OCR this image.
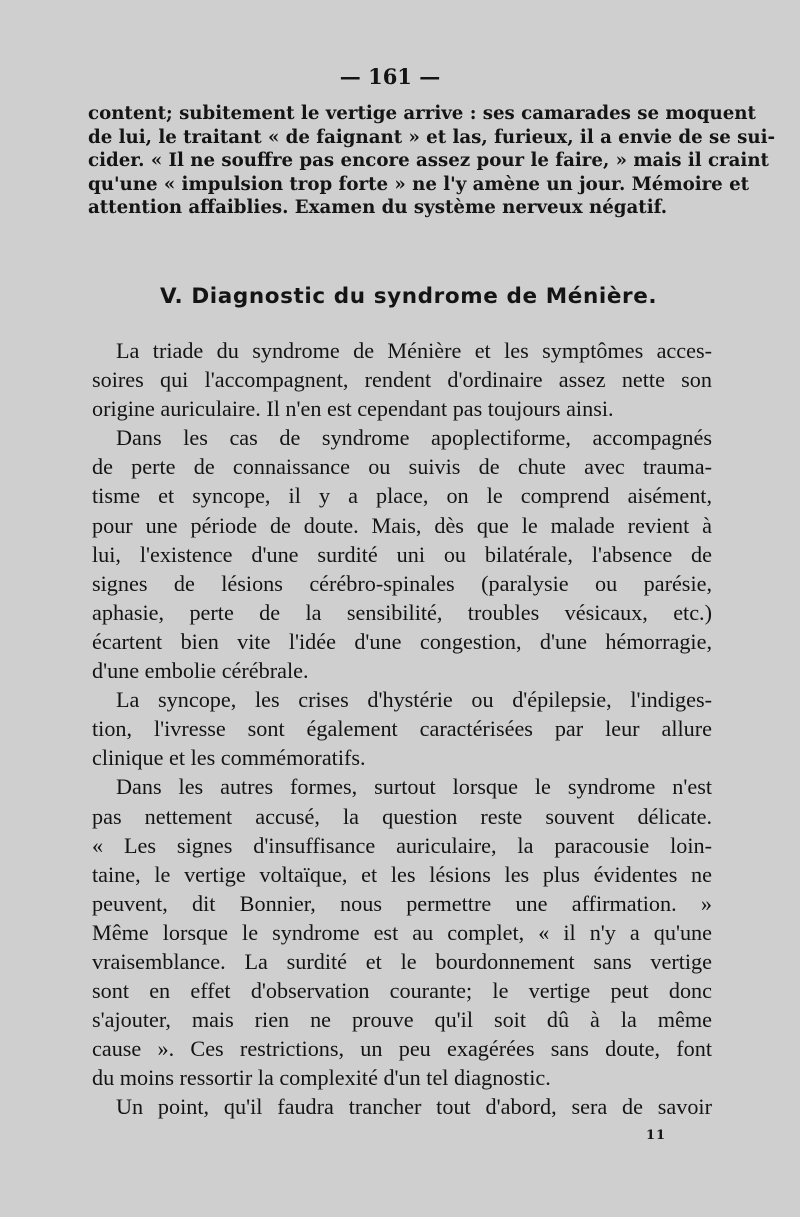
— 161 —
content; subitement le vertige arrive : ses camarades se moquent
de lui, le traitant « de faignant » et las, furieux, il a envie de se sui-
cider. « Il ne souffre pas encore assez pour le faire, » mais il craint
qu'une « impulsion trop forte » ne l'y amène un jour. Mémoire et
attention affaiblies. Examen du système nerveux négatif.
V. Diagnostic du syndrome de Ménière.
La triade du syndrome de Ménière et les symptômes acces-
soires qui l'accompagnent, rendent d'ordinaire assez nette son
origine auriculaire. Il n'en est cependant pas toujours ainsi.
Dans les cas de syndrome apoplectiforme, accompagnés
de perte de connaissance ou suivis de chute avec trauma-
tisme et syncope, il y a place, on le comprend aisément,
pour une période de doute. Mais, dès que le malade revient à
lui, l'existence d'une surdité uni ou bilatérale, l'absence de
signes de lésions cérébro-spinales (paralysie ou parésie,
aphasie, perte de la sensibilité, troubles vésicaux, etc.)
écartent bien vite l'idée d'une congestion, d'une hémorragie,
d'une embolie cérébrale.
La syncope, les crises d'hystérie ou d'épilepsie, l'indiges-
tion, l'ivresse sont également caractérisées par leur allure
clinique et les commémoratifs.
Dans les autres formes, surtout lorsque le syndrome n'est
pas nettement accusé, la question reste souvent délicate.
« Les signes d'insuffisance auriculaire, la paracousie loin-
taine, le vertige voltaïque, et les lésions les plus évidentes ne
peuvent, dit Bonnier, nous permettre une affirmation. »
Même lorsque le syndrome est au complet, « il n'y a qu'une
vraisemblance. La surdité et le bourdonnement sans vertige
sont en effet d'observation courante; le vertige peut donc
s'ajouter, mais rien ne prouve qu'il soit dû à la même
cause ». Ces restrictions, un peu exagérées sans doute, font
du moins ressortir la complexité d'un tel diagnostic.
Un point, qu'il faudra trancher tout d'abord, sera de savoir
11
